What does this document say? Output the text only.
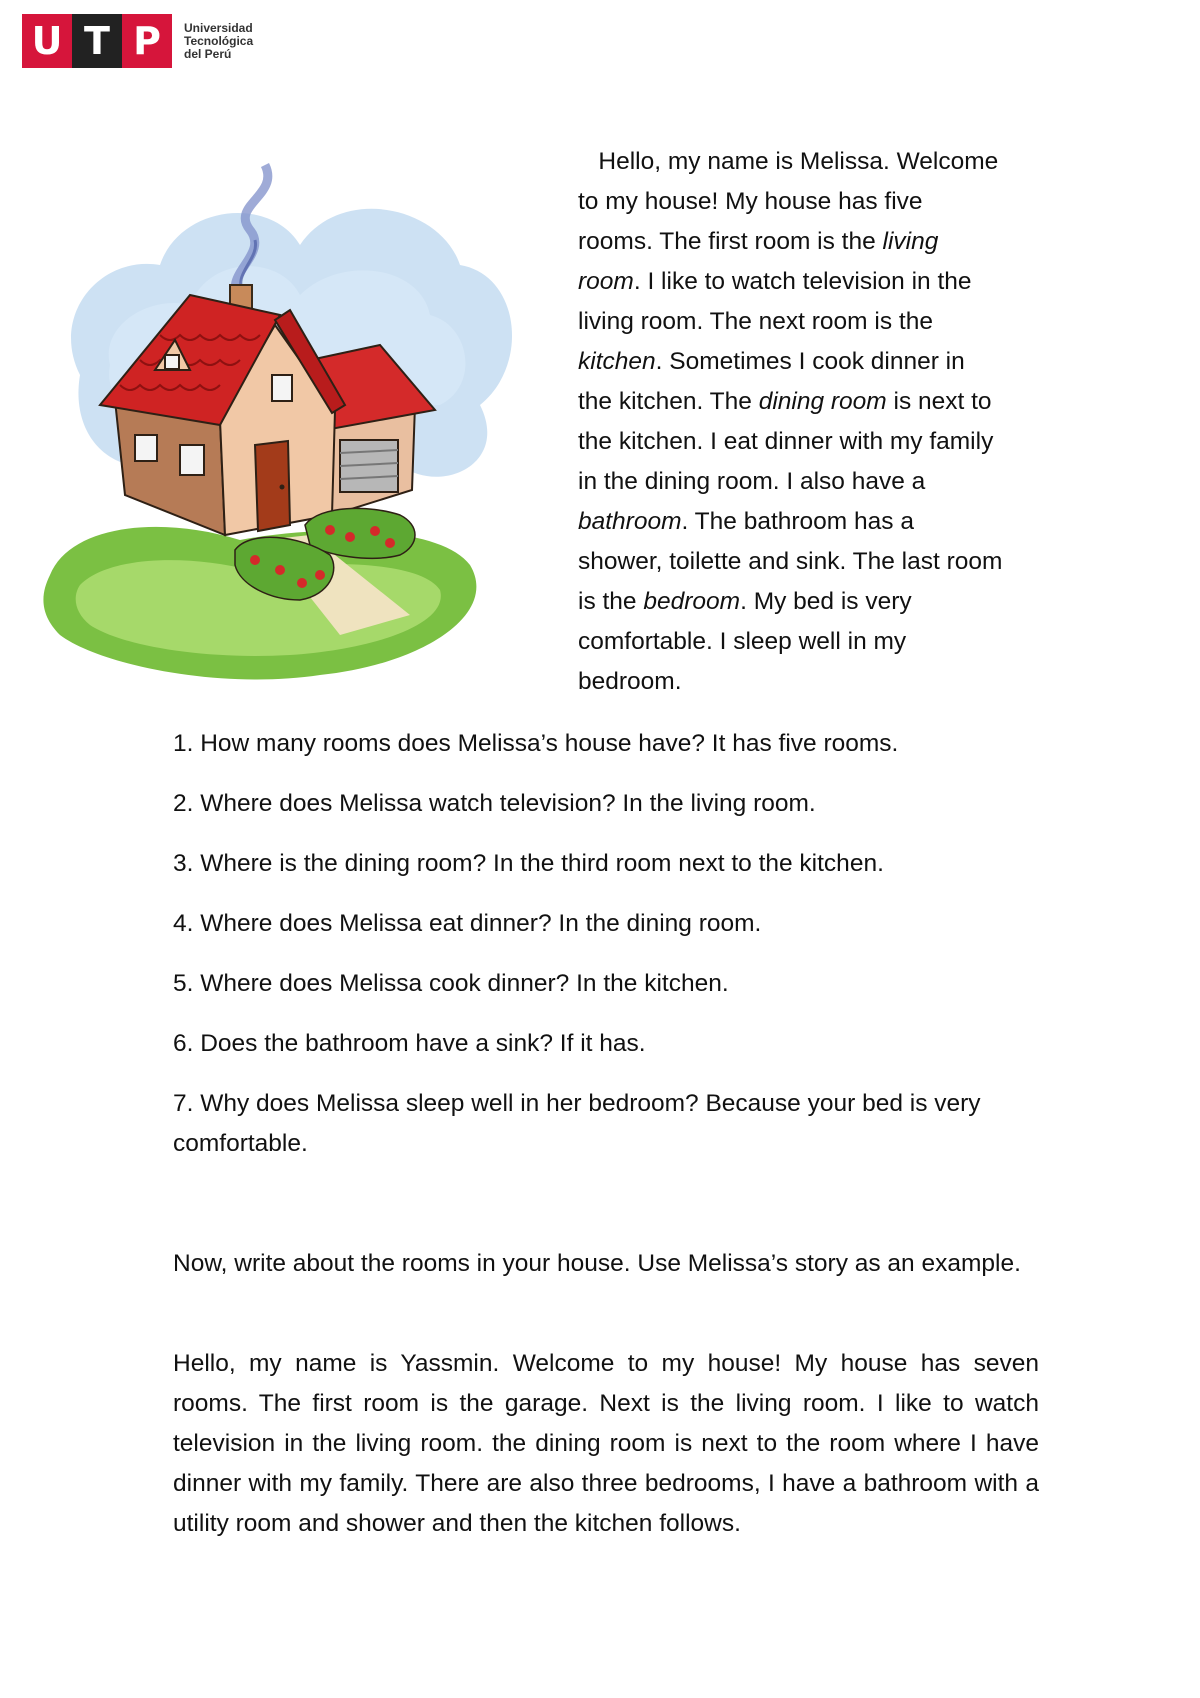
U T P	Universidad
Tecnológica
del Perú
Hello, my name is Melissa. Welcome
to my house! My house has five
rooms. The first room is the living
room. I like to watch television in the
living room. The next room is the
kitchen. Sometimes I cook dinner in
the kitchen. The dining room is next to
the kitchen. I eat dinner with my family
in the dining room. I also have a
bathroom. The bathroom has a
shower, toilette and sink. The last room
is the bedroom. My bed is very
comfortable. I sleep well in my
bedroom.

1. How many rooms does Melissa’s house have? It has five rooms.

2. Where does Melissa watch television? In the living room.

3. Where is the dining room? In the third room next to the kitchen.

4. Where does Melissa eat dinner? In the dining room.

5. Where does Melissa cook dinner? In the kitchen.

6. Does the bathroom have a sink? If it has.

7. Why does Melissa sleep well in her bedroom? Because your bed is very comfortable.

Now, write about the rooms in your house. Use Melissa’s story as an example.
Hello, my name is Yassmin. Welcome to my house! My house has seven rooms. The first room is the garage. Next is the living room. I like to watch television in the living room. the dining room is next to the room where I have dinner with my family. There are also three bedrooms, I have a bathroom with a utility room and shower and then the kitchen follows.
